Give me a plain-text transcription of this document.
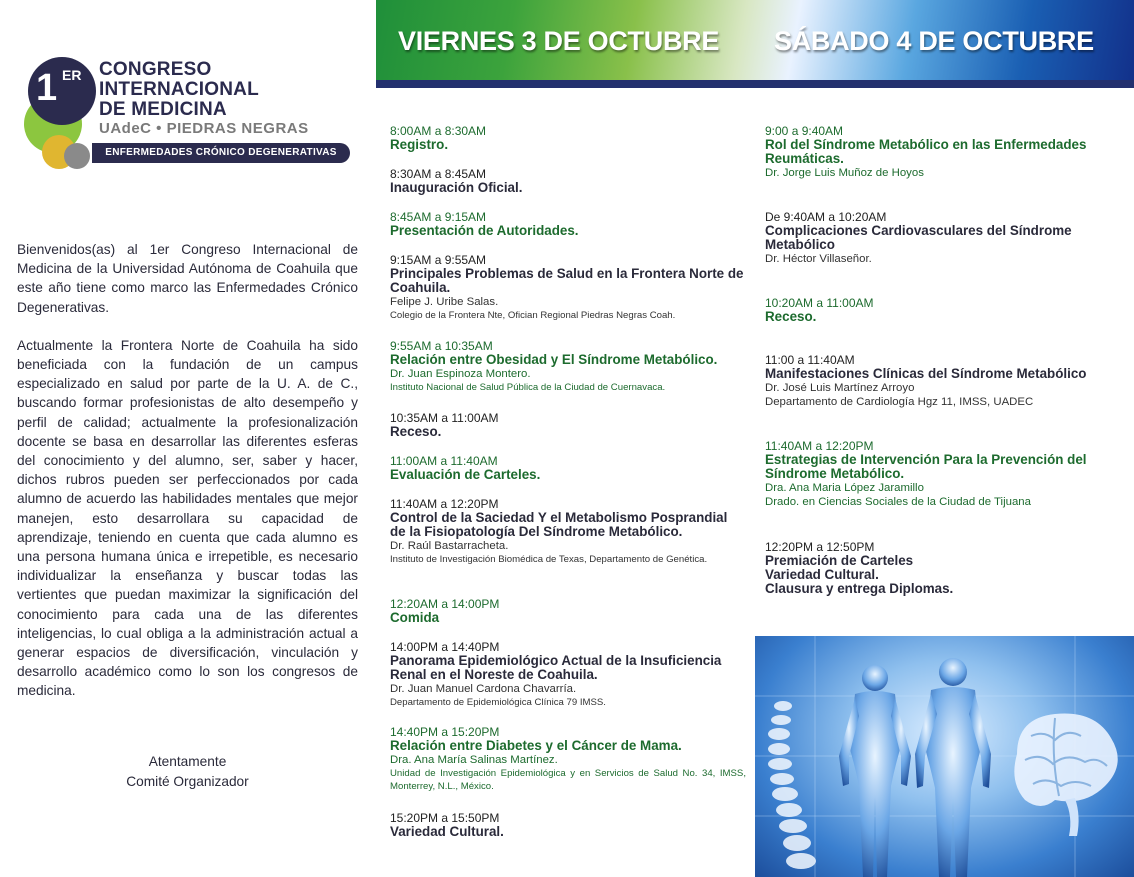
1 ER CONGRESO
INTERNACIONAL
DE MEDICINA
UAdeC • PIEDRAS NEGRAS
ENFERMEDADES CRÓNICO DEGENERATIVAS

Bienvenidos(as) al 1er Congreso Internacional de Medicina de la Universidad Autónoma de Coahuila que este año tiene como marco las Enfermedades Crónico Degenerativas.

Actualmente la Frontera Norte de Coahuila ha sido beneficiada con la fundación de un campus especializado en salud por parte de la U. A. de C., buscando formar profesionistas de alto desempeño y perfil de calidad; actualmente la profesionalización docente se basa en desarrollar las diferentes esferas del conocimiento y del alumno, ser, saber y hacer, dichos rubros pueden ser perfeccionados por cada alumno de acuerdo las habilidades mentales que mejor manejen, esto desarrollara su capacidad de aprendizaje, teniendo en cuenta que cada alumno es una persona humana única e irrepetible, es necesario individualizar la enseñanza y buscar todas las vertientes que puedan maximizar la significación del conocimiento para cada una de las diferentes inteligencias, lo cual obliga a la administración actual a generar espacios de diversificación, vinculación y desarrollo académico como lo son los congresos de medicina.

Atentamente
Comité Organizador
VIERNES 3 DE OCTUBRE SÁBADO 4 DE OCTUBRE
8:00AM a 8:30AM
Registro.
8:30AM a 8:45AM
Inauguración Oficial.
8:45AM a 9:15AM
Presentación de Autoridades.
9:15AM a 9:55AM
Principales Problemas de Salud en la Frontera Norte de Coahuila.
Felipe J. Uribe Salas.
Colegio de la Frontera Nte, Ofician Regional Piedras Negras Coah.
9:55AM a 10:35AM
Relación entre Obesidad y El Síndrome Metabólico.
Dr. Juan Espinoza Montero.
Instituto Nacional de Salud Pública de la Ciudad de Cuernavaca.
10:35AM a 11:00AM
Receso.
11:00AM a 11:40AM
Evaluación de Carteles.
11:40AM a 12:20PM
Control de la Saciedad Y el Metabolismo Posprandial de la Fisiopatología Del Síndrome Metabólico.
Dr. Raúl Bastarracheta.
Instituto de Investigación Biomédica de Texas, Departamento de Genética.
12:20AM a 14:00PM
Comida
14:00PM a 14:40PM
Panorama Epidemiológico Actual de la Insuficiencia Renal en el Noreste de Coahuila.
Dr. Juan Manuel Cardona Chavarría.
Departamento de Epidemiológica Clínica 79 IMSS.
14:40PM a 15:20PM
Relación entre Diabetes y el Cáncer de Mama.
Dra. Ana María Salinas Martínez.
Unidad de Investigación Epidemiológica y en Servicios de Salud No. 34, IMSS, Monterrey, N.L., México.
15:20PM a 15:50PM
Variedad Cultural.
9:00 a 9:40AM
Rol del Síndrome Metabólico en las Enfermedades Reumáticas.
Dr. Jorge Luis Muñoz de Hoyos
De 9:40AM a 10:20AM
Complicaciones Cardiovasculares del Síndrome Metabólico
Dr. Héctor Villaseñor.
10:20AM a 11:00AM
Receso.
11:00 a 11:40AM
Manifestaciones Clínicas del Síndrome Metabólico
Dr. José Luis Martínez Arroyo
Departamento de Cardiología Hgz 11, IMSS, UADEC
11:40AM a 12:20PM
Estrategias de Intervención Para la Prevención del Síndrome Metabólico.
Dra. Ana Maria López Jaramillo
Drado. en Ciencias Sociales de la Ciudad de Tijuana
12:20PM a 12:50PM
Premiación de Carteles
Variedad Cultural.
Clausura y entrega Diplomas.
